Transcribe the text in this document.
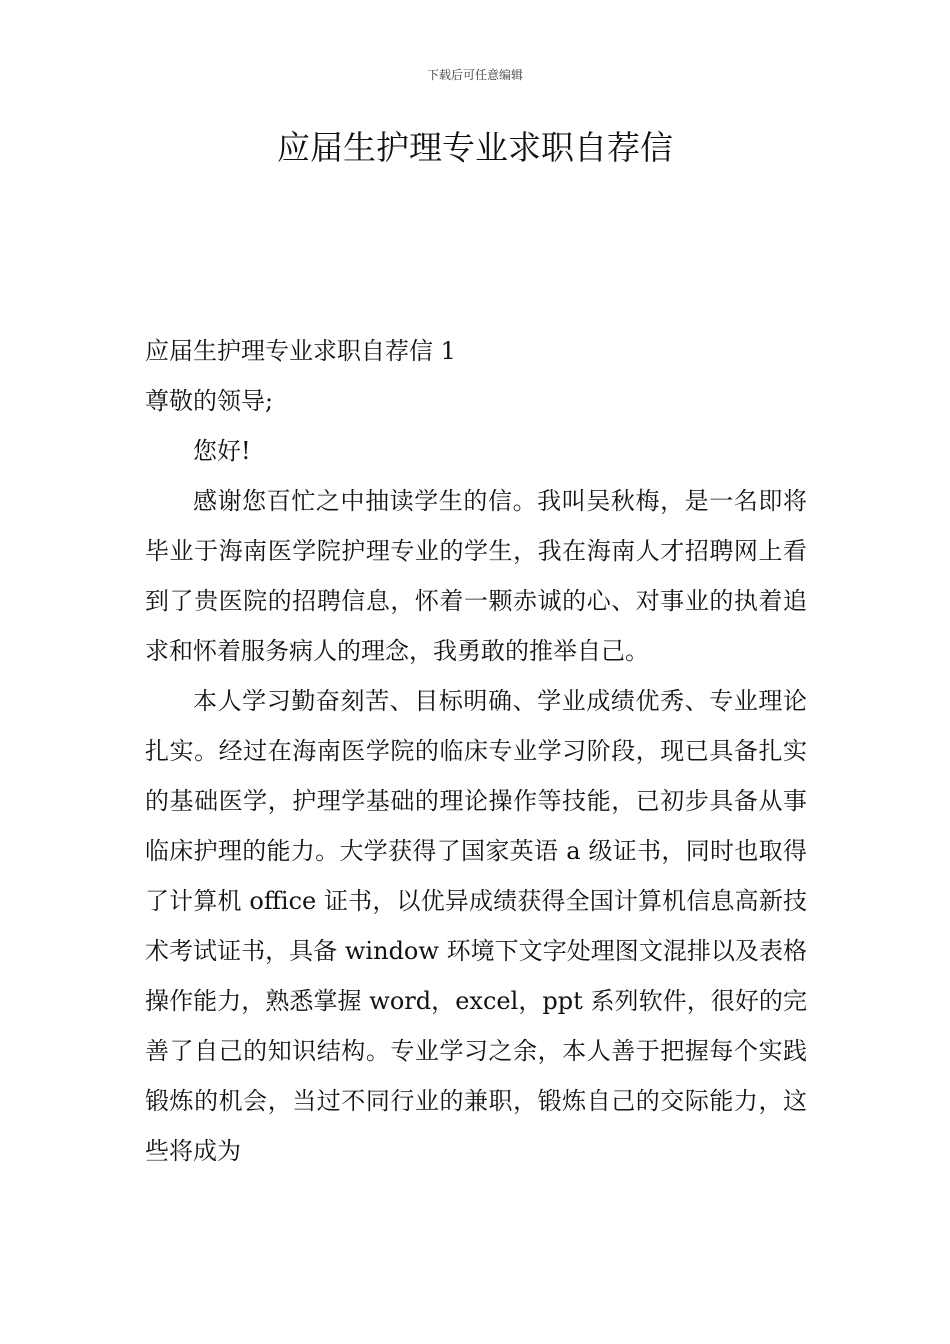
下载后可任意编辑
应届生护理专业求职自荐信

应届生护理专业求职自荐信 1

尊敬的领导;

您好!

感谢您百忙之中抽读学生的信。我叫吴秋梅，是一名即将毕业于海南医学院护理专业的学生，我在海南人才招聘网上看到了贵医院的招聘信息，怀着一颗赤诚的心、对事业的执着追求和怀着服务病人的理念，我勇敢的推举自己。

本人学习勤奋刻苦、目标明确、学业成绩优秀、专业理论扎实。经过在海南医学院的临床专业学习阶段，现已具备扎实的基础医学，护理学基础的理论操作等技能，已初步具备从事临床护理的能力。大学获得了国家英语 a 级证书，同时也取得了计算机 office 证书，以优异成绩获得全国计算机信息高新技术考试证书，具备 window 环境下文字处理图文混排以及表格操作能力，熟悉掌握 word，excel，ppt 系列软件，很好的完善了自己的知识结构。专业学习之余，本人善于把握每个实践锻炼的机会，当过不同行业的兼职，锻炼自己的交际能力，这些将成为
